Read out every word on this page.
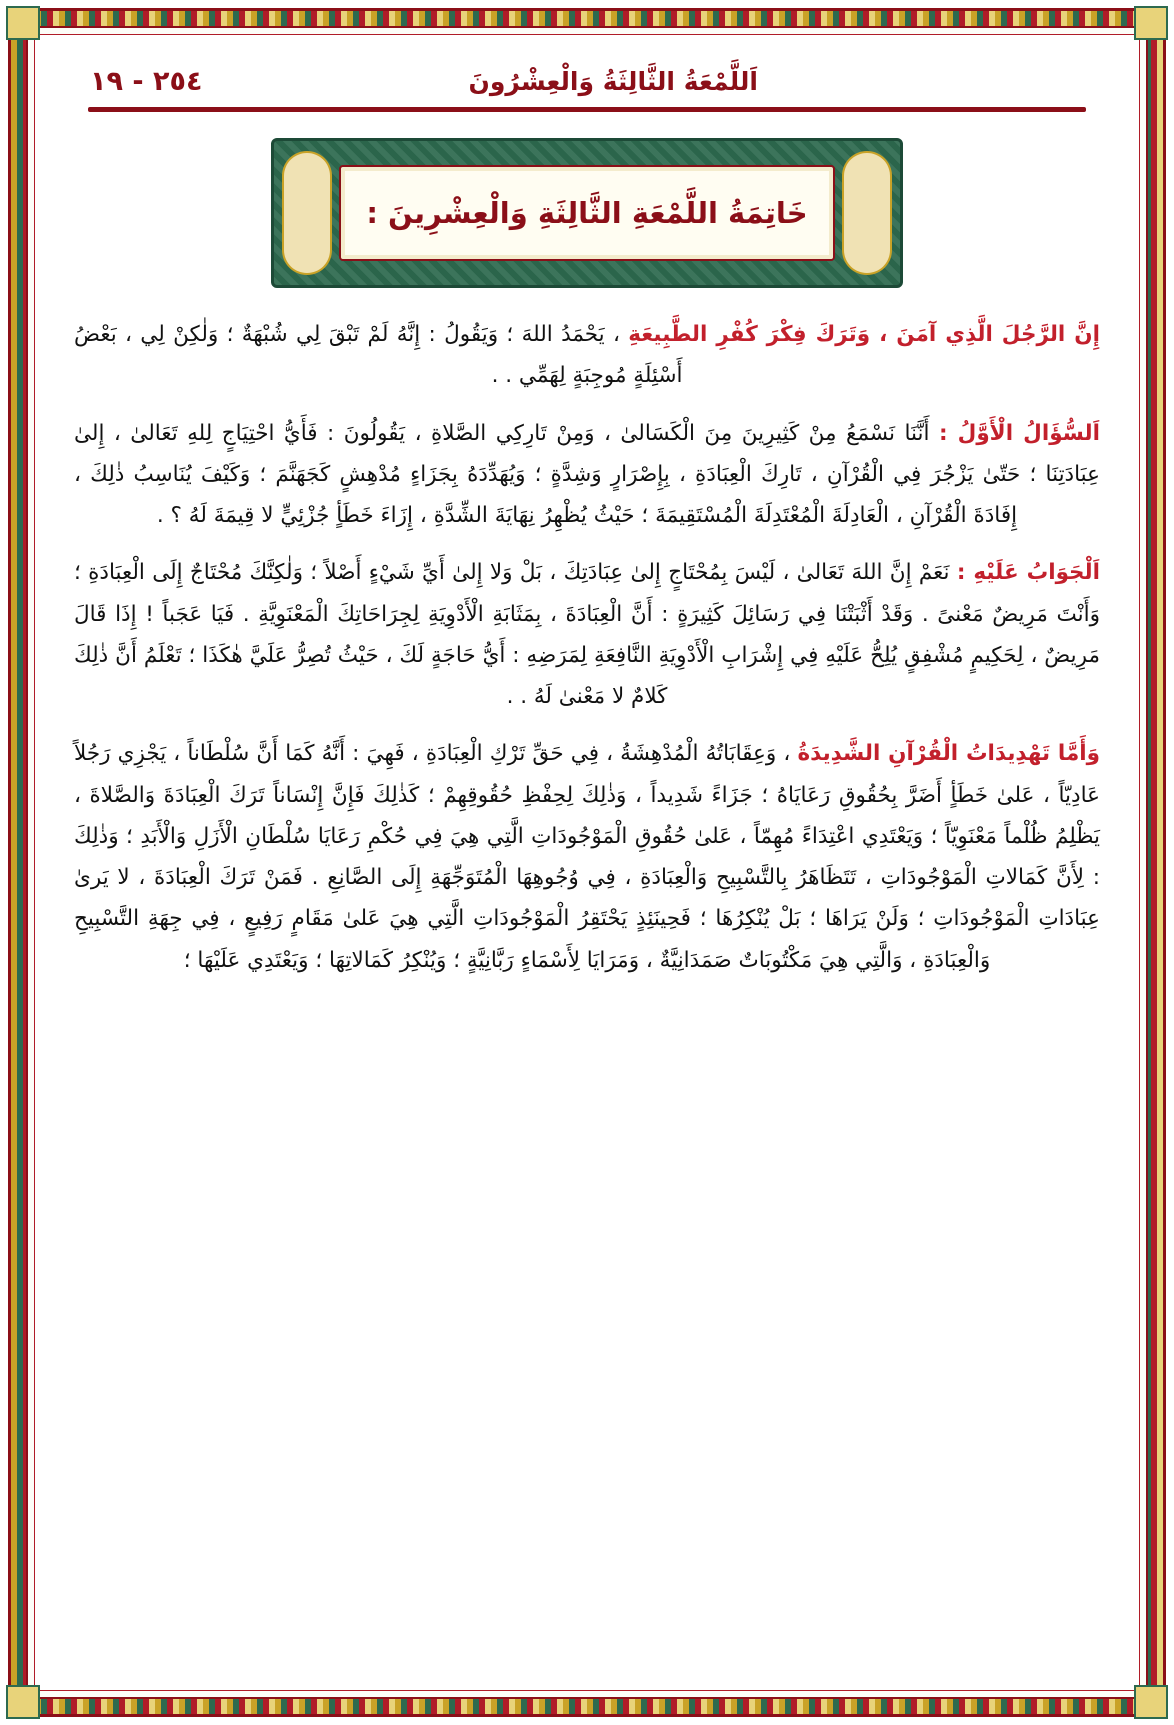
٢٥٤ - ١٩	اَللَّمْعَةُ الثَّالِثَةُ وَالْعِشْرُونَ
خَاتِمَةُ اللَّمْعَةِ الثَّالِثَةِ وَالْعِشْرِينَ :

إِنَّ الرَّجُلَ الَّذِي آمَنَ ، وَتَرَكَ فِكْرَ كُفْرِ الطَّبِيعَةِ ، يَحْمَدُ اللهَ ؛ وَيَقُولُ : إِنَّهُ لَمْ تَبْقَ لِي شُبْهَةٌ ؛ وَلٰكِنْ لِي ، بَعْضُ أَسْئِلَةٍ مُوجِبَةٍ لِهَمِّي . .

اَلسُّؤَالُ الْأَوَّلُ : أَنَّنَا نَسْمَعُ مِنْ كَثِيرِينَ مِنَ الْكَسَالىٰ ، وَمِنْ تَارِكِي الصَّلاةِ ، يَقُولُونَ : فَأَيُّ احْتِيَاجٍ لِلهِ تَعَالىٰ ، إِلىٰ عِبَادَتِنَا ؛ حَتّىٰ يَزْجُرَ فِي الْقُرْآنِ ، تَارِكَ الْعِبَادَةِ ، بِإِصْرَارٍ وَشِدَّةٍ ؛ وَيُهَدِّدَهُ بِجَزَاءٍ مُدْهِشٍ كَجَهَنَّمَ ؛ وَكَيْفَ يُنَاسِبُ ذٰلِكَ ، إِفَادَةَ الْقُرْآنِ ، الْعَادِلَةَ الْمُعْتَدِلَةَ الْمُسْتَقِيمَةَ ؛ حَيْثُ يُظْهِرُ نِهَايَةَ الشِّدَّةِ ، إِزَاءَ خَطَأٍ جُزْئِيٍّ لا قِيمَةَ لَهُ ؟ .

اَلْجَوَابُ عَلَيْهِ : نَعَمْ إِنَّ اللهَ تَعَالىٰ ، لَيْسَ بِمُحْتَاجٍ إِلىٰ عِبَادَتِكَ ، بَلْ وَلا إِلىٰ أَيِّ شَيْءٍ أَصْلاً ؛ وَلٰكِنَّكَ مُحْتَاجٌ إِلَى الْعِبَادَةِ ؛ وَأَنْتَ مَرِيضٌ مَعْنىً . وَقَدْ أَثْبَتْنَا فِي رَسَائِلَ كَثِيرَةٍ : أَنَّ الْعِبَادَةَ ، بِمَثَابَةِ الْأَدْوِيَةِ لِجِرَاحَاتِكَ الْمَعْنَوِيَّةِ . فَيَا عَجَباً ! إِذَا قَالَ مَرِيضٌ ، لِحَكِيمٍ مُشْفِقٍ يُلِحُّ عَلَيْهِ فِي إِشْرَابِ الْأَدْوِيَةِ النَّافِعَةِ لِمَرَضِهِ : أَيُّ حَاجَةٍ لَكَ ، حَيْثُ تُصِرُّ عَلَيَّ هٰكَذَا ؛ تَعْلَمُ أَنَّ ذٰلِكَ كَلامٌ لا مَعْنىٰ لَهُ . .

وَأَمَّا تَهْدِيدَاتُ الْقُرْآنِ الشَّدِيدَةُ ، وَعِقَابَاتُهُ الْمُدْهِشَةُ ، فِي حَقِّ تَرْكِ الْعِبَادَةِ ، فَهِيَ : أَنَّهُ كَمَا أَنَّ سُلْطَاناً ، يَجْزِي رَجُلاً عَادِيّاً ، عَلىٰ خَطَأٍ أَضَرَّ بِحُقُوقِ رَعَايَاهُ ؛ جَزَاءً شَدِيداً ، وَذٰلِكَ لِحِفْظِ حُقُوقِهِمْ ؛ كَذٰلِكَ فَإِنَّ إِنْسَاناً تَرَكَ الْعِبَادَةَ وَالصَّلاةَ ، يَظْلِمُ ظُلْماً مَعْنَوِيّاً ؛ وَيَعْتَدِي اعْتِدَاءً مُهِمّاً ، عَلىٰ حُقُوقِ الْمَوْجُودَاتِ الَّتِي هِيَ فِي حُكْمِ رَعَايَا سُلْطَانِ الْأَزَلِ وَالْأَبَدِ ؛ وَذٰلِكَ : لِأَنَّ كَمَالاتِ الْمَوْجُودَاتِ ، تَتَظَاهَرُ بِالتَّسْبِيحِ وَالْعِبَادَةِ ، فِي وُجُوهِهَا الْمُتَوَجِّهَةِ إِلَى الصَّانِعِ . فَمَنْ تَرَكَ الْعِبَادَةَ ، لا يَرىٰ عِبَادَاتِ الْمَوْجُودَاتِ ؛ وَلَنْ يَرَاهَا ؛ بَلْ يُنْكِرُهَا ؛ فَحِينَئِذٍ يَحْتَقِرُ الْمَوْجُودَاتِ الَّتِي هِيَ عَلىٰ مَقَامٍ رَفِيعٍ ، فِي جِهَةِ التَّسْبِيحِ وَالْعِبَادَةِ ، وَالَّتِي هِيَ مَكْتُوبَاتٌ صَمَدَانِيَّةٌ ، وَمَرَايَا لِأَسْمَاءٍ رَبَّانِيَّةٍ ؛ وَيُنْكِرُ كَمَالاتِهَا ؛ وَيَعْتَدِي عَلَيْهَا ؛
